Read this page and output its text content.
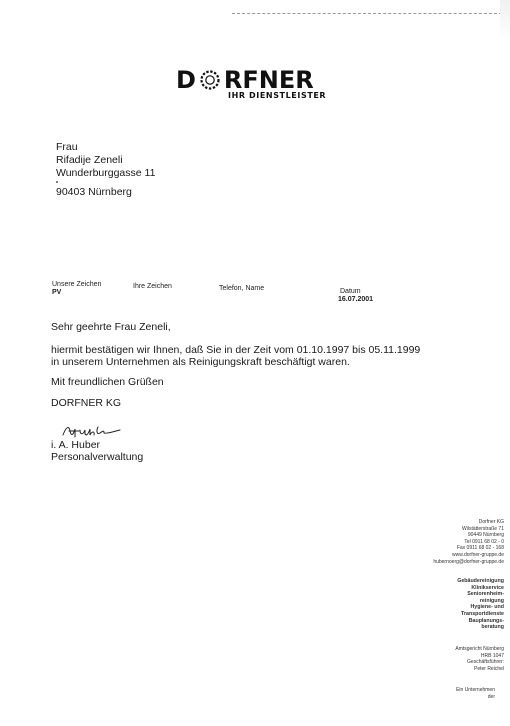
D RFNER
IHR DIENSTLEISTER
Frau
Rifadije Zeneli
Wunderburggasse 11
90403 Nürnberg
Unsere Zeichen
PV
Ihre Zeichen	Telefon, Name	Datum
16.07.2001
Sehr geehrte Frau Zeneli,
hiermit bestätigen wir Ihnen, daß Sie in der Zeit vom 01.10.1997 bis 05.11.1999
in unserem Unternehmen als Reinigungskraft beschäftigt waren.
Mit freundlichen Grüßen
DORFNER KG
i. A. Huber
Personalverwaltung
Dorfner KG
Wilstätterstraße 71
90449 Nürnberg
Tel 0911 68 02 - 0
Fax 0911 68 02 - 168
www.dorfner-gruppe.de
hubernoerg@dorfner-gruppe.de
Gebäudereinigung
Klinikservice
Seniorenheim-
reinigung
Hygiene- und
Transportdienste
Bauplanungs-
beratung
Amtsgericht Nürnberg
HRB 1047
Geschäftsführer:
Peter Reichel
Ein Unternehmen
der
